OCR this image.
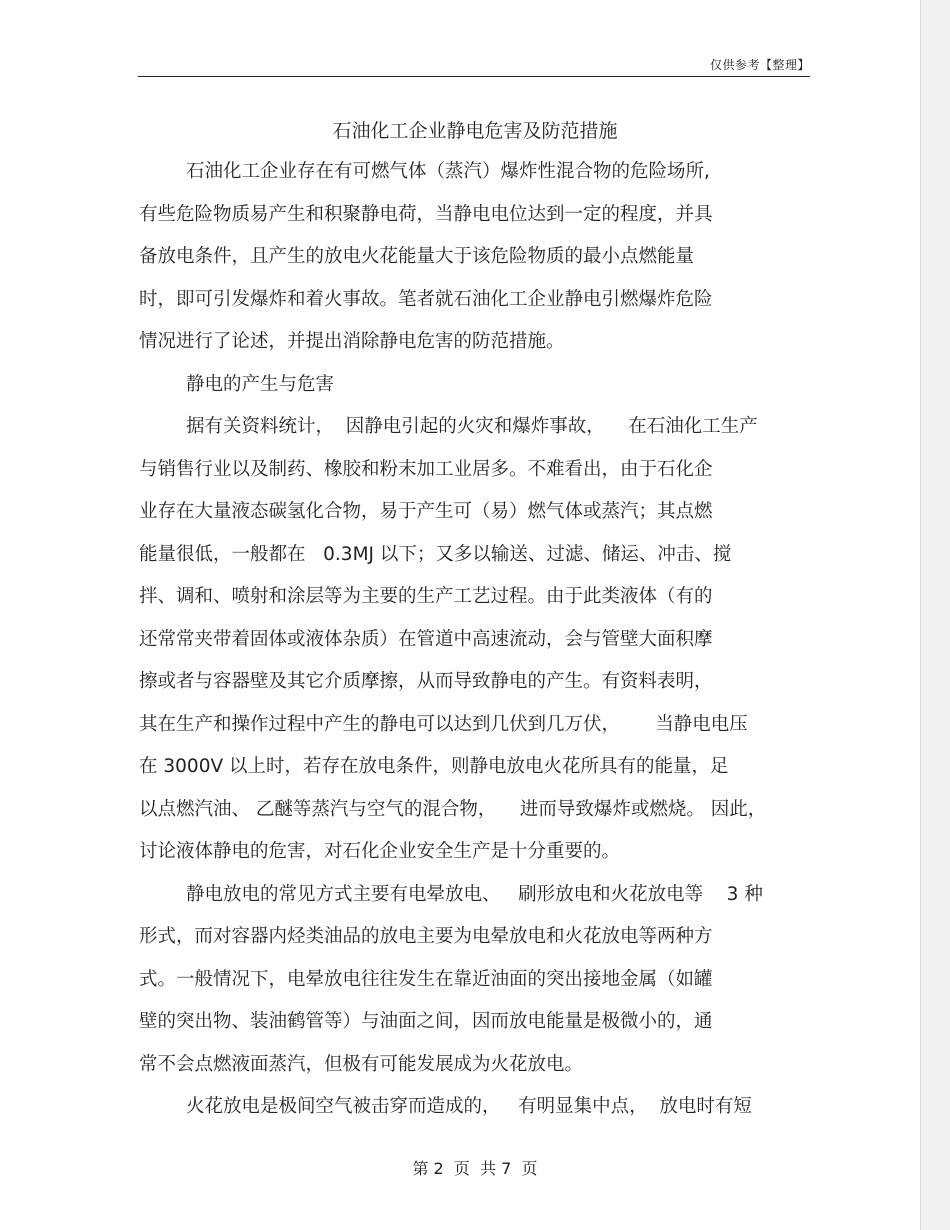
仅供参考【整理】
石油化工企业静电危害及防范措施
石油化工企业存在有可燃气体（蒸汽）爆炸性混合物的危险场所,
有些危险物质易产生和积聚静电荷，当静电电位达到一定的程度，并具
备放电条件，且产生的放电火花能量大于该危险物质的最小点燃能量
时，即可引发爆炸和着火事故。笔者就石油化工企业静电引燃爆炸危险
情况进行了论述，并提出消除静电危害的防范措施。
静电的产生与危害
据有关资料统计，  因静电引起的火灾和爆炸事故，    在石油化工生产
与销售行业以及制药、橡胶和粉末加工业居多。不难看出，由于石化企
业存在大量液态碳氢化合物，易于产生可（易）燃气体或蒸汽；其点燃
能量很低，一般都在   0.3MJ 以下；又多以输送、过滤、储运、冲击、搅
拌、调和、喷射和涂层等为主要的生产工艺过程。由于此类液体（有的
还常常夹带着固体或液体杂质）在管道中高速流动，会与管壁大面积摩
擦或者与容器壁及其它介质摩擦，从而导致静电的产生。有资料表明，
其在生产和操作过程中产生的静电可以达到几伏到几万伏，      当静电电压
在 3000V 以上时，若存在放电条件，则静电放电火花所具有的能量，足
以点燃汽油、 乙醚等蒸汽与空气的混合物，    进而导致爆炸或燃烧。 因此，
讨论液体静电的危害，对石化企业安全生产是十分重要的。
静电放电的常见方式主要有电晕放电、   刷形放电和火花放电等    3 种
形式，而对容器内烃类油品的放电主要为电晕放电和火花放电等两种方
式。一般情况下，电晕放电往往发生在靠近油面的突出接地金属（如罐
壁的突出物、装油鹤管等）与油面之间，因而放电能量是极微小的，通
常不会点燃液面蒸汽，但极有可能发展成为火花放电。
火花放电是极间空气被击穿而造成的，   有明显集中点，  放电时有短
第 2  页  共 7  页
